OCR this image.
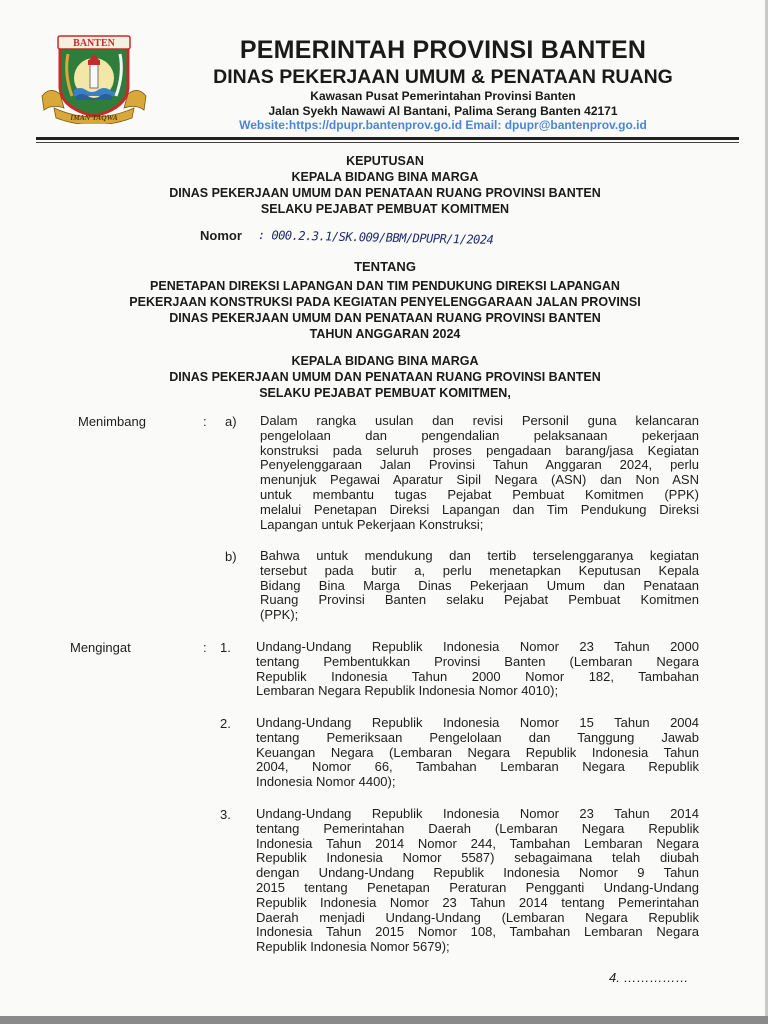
BANTEN
IMAN TAQWA
PEMERINTAH PROVINSI BANTEN
DINAS PEKERJAAN UMUM & PENATAAN RUANG
Kawasan Pusat Pemerintahan Provinsi Banten
Jalan Syekh Nawawi Al Bantani, Palima Serang Banten 42171
Website:https://dpupr.bantenprov.go.id Email: dpupr@bantenprov.go.id
KEPUTUSAN
KEPALA BIDANG BINA MARGA
DINAS PEKERJAAN UMUM DAN PENATAAN RUANG PROVINSI BANTEN
SELAKU PEJABAT PEMBUAT KOMITMEN
Nomor : 000.2.3.1/SK.009/BBM/DPUPR/1/2024
TENTANG
PENETAPAN DIREKSI LAPANGAN DAN TIM PENDUKUNG DIREKSI LAPANGAN
PEKERJAAN KONSTRUKSI PADA KEGIATAN PENYELENGGARAAN JALAN PROVINSI
DINAS PEKERJAAN UMUM DAN PENATAAN RUANG PROVINSI BANTEN
TAHUN ANGGARAN 2024
KEPALA BIDANG BINA MARGA
DINAS PEKERJAAN UMUM DAN PENATAAN RUANG PROVINSI BANTEN
SELAKU PEJABAT PEMBUAT KOMITMEN,
Menimbang	: a) Dalam rangka usulan dan revisi Personil guna kelancaran
pengelolaan dan pengendalian pelaksanaan pekerjaan
konstruksi pada seluruh proses pengadaan barang/jasa Kegiatan
Penyelenggaraan Jalan Provinsi Tahun Anggaran 2024, perlu
menunjuk Pegawai Aparatur Sipil Negara (ASN) dan Non ASN
untuk membantu tugas Pejabat Pembuat Komitmen (PPK)
melalui Penetapan Direksi Lapangan dan Tim Pendukung Direksi
Lapangan untuk Pekerjaan Konstruksi;
b) Bahwa untuk mendukung dan tertib terselenggaranya kegiatan
tersebut pada butir a, perlu menetapkan Keputusan Kepala
Bidang Bina Marga Dinas Pekerjaan Umum dan Penataan
Ruang Provinsi Banten selaku Pejabat Pembuat Komitmen
(PPK);
Mengingat	: 1. Undang-Undang Republik Indonesia Nomor 23 Tahun 2000
tentang Pembentukkan Provinsi Banten (Lembaran Negara
Republik Indonesia Tahun 2000 Nomor 182, Tambahan
Lembaran Negara Republik Indonesia Nomor 4010);
2. Undang-Undang Republik Indonesia Nomor 15 Tahun 2004
tentang Pemeriksaan Pengelolaan dan Tanggung Jawab
Keuangan Negara (Lembaran Negara Republik Indonesia Tahun
2004, Nomor 66, Tambahan Lembaran Negara Republik
Indonesia Nomor 4400);
3. Undang-Undang Republik Indonesia Nomor 23 Tahun 2014
tentang Pemerintahan Daerah (Lembaran Negara Republik
Indonesia Tahun 2014 Nomor 244, Tambahan Lembaran Negara
Republik Indonesia Nomor 5587) sebagaimana telah diubah
dengan Undang-Undang Republik Indonesia Nomor 9 Tahun
2015 tentang Penetapan Peraturan Pengganti Undang-Undang
Republik Indonesia Nomor 23 Tahun 2014 tentang Pemerintahan
Daerah menjadi Undang-Undang (Lembaran Negara Republik
Indonesia Tahun 2015 Nomor 108, Tambahan Lembaran Negara
Republik Indonesia Nomor 5679);
4. ……………
